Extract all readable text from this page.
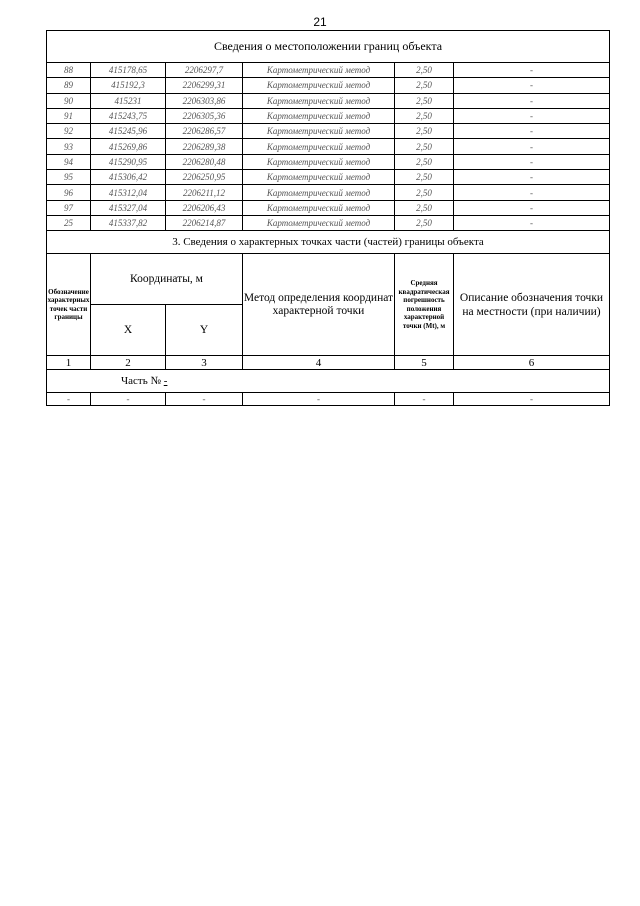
21
Сведения о местоположении границ объекта					
88	415178,65	2206297,7	Картометрический метод	2,50	-
89	415192,3	2206299,31	Картометрический метод	2,50	-
90	415231	2206303,86	Картометрический метод	2,50	-
91	415243,75	2206305,36	Картометрический метод	2,50	-
92	415245,96	2206286,57	Картометрический метод	2,50	-
93	415269,86	2206289,38	Картометрический метод	2,50	-
94	415290,95	2206280,48	Картометрический метод	2,50	-
95	415306,42	2206250,95	Картометрический метод	2,50	-
96	415312,04	2206211,12	Картометрический метод	2,50	-
97	415327,04	2206206,43	Картометрический метод	2,50	-
25	415337,82	2206214,87	Картометрический метод	2,50	-
3. Сведения о характерных точках части (частей) границы объекта					
Обозначение характерных точек части границы	Координаты, м		Метод определения координат характерной точки	Средняя квадратическая погрешность положения характерной точки (Mt), м	Описание обозначения точки на местности (при наличии)
	X	Y			
1	2	3	4	5	6
Часть № -					
-	-	-	-	-	-
